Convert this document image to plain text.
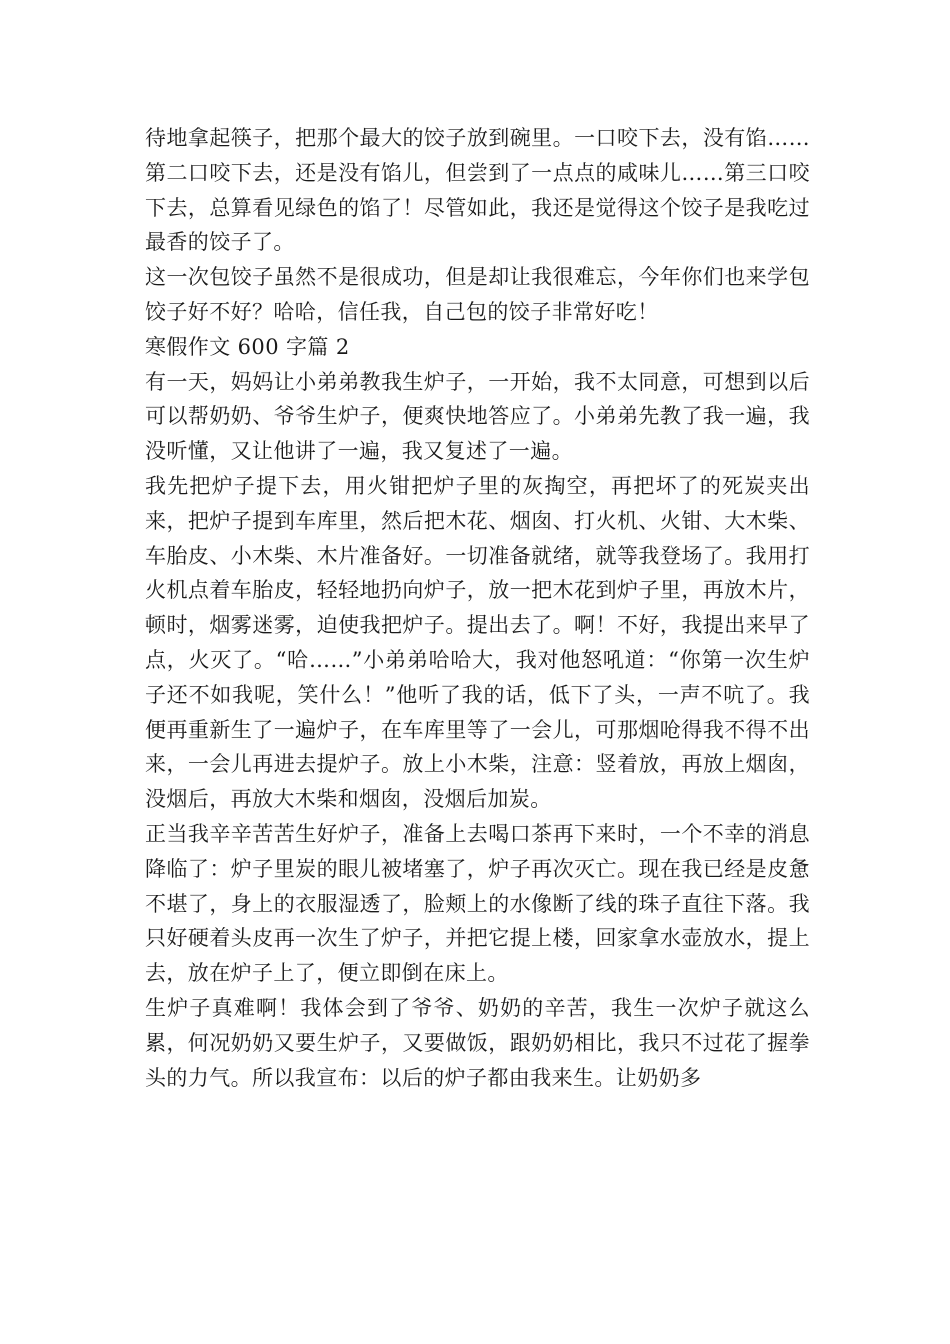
待地拿起筷子，把那个最大的饺子放到碗里。一口咬下去，没有馅……第二口咬下去，还是没有馅儿，但尝到了一点点的咸味儿……第三口咬下去，总算看见绿色的馅了！尽管如此，我还是觉得这个饺子是我吃过最香的饺子了。

这一次包饺子虽然不是很成功，但是却让我很难忘，今年你们也来学包饺子好不好？哈哈，信任我，自己包的饺子非常好吃！

寒假作文 600 字篇 2

有一天，妈妈让小弟弟教我生炉子，一开始，我不太同意，可想到以后可以帮奶奶、爷爷生炉子，便爽快地答应了。小弟弟先教了我一遍，我没听懂，又让他讲了一遍，我又复述了一遍。

我先把炉子提下去，用火钳把炉子里的灰掏空，再把坏了的死炭夹出来，把炉子提到车库里，然后把木花、烟囱、打火机、火钳、大木柴、车胎皮、小木柴、木片准备好。一切准备就绪，就等我登场了。我用打火机点着车胎皮，轻轻地扔向炉子，放一把木花到炉子里，再放木片，顿时，烟雾迷雾，迫使我把炉子。提出去了。啊！不好，我提出来早了点，火灭了。“哈……”小弟弟哈哈大，我对他怒吼道：“你第一次生炉子还不如我呢，笑什么！”他听了我的话，低下了头，一声不吭了。我便再重新生了一遍炉子，在车库里等了一会儿，可那烟呛得我不得不出来，一会儿再进去提炉子。放上小木柴，注意：竖着放，再放上烟囱，没烟后，再放大木柴和烟囱，没烟后加炭。

正当我辛辛苦苦生好炉子，准备上去喝口茶再下来时，一个不幸的消息降临了：炉子里炭的眼儿被堵塞了，炉子再次灭亡。现在我已经是皮惫不堪了，身上的衣服湿透了，脸颊上的水像断了线的珠子直往下落。我只好硬着头皮再一次生了炉子，并把它提上楼，回家拿水壶放水，提上去，放在炉子上了，便立即倒在床上。

生炉子真难啊！我体会到了爷爷、奶奶的辛苦，我生一次炉子就这么累，何况奶奶又要生炉子，又要做饭，跟奶奶相比，我只不过花了握拳头的力气。所以我宣布：以后的炉子都由我来生。让奶奶多
